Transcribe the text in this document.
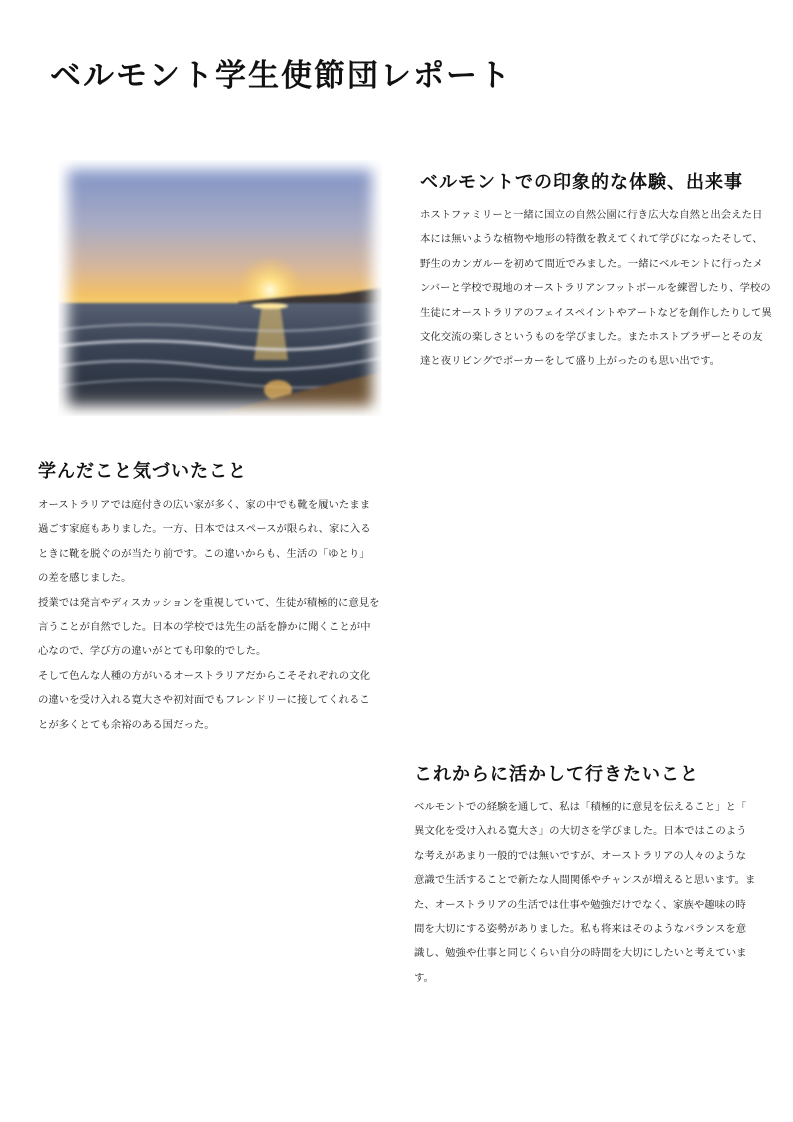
ベルモント学生使節団レポート
ベルモントでの印象的な体験、出来事

ホストファミリーと一緒に国立の自然公園に行き広大な自然と出会えた日本には無いような植物や地形の特徴を教えてくれて学びになったそして、野生のカンガルーを初めて間近でみました。一緒にベルモントに行ったメンバーと学校で現地のオーストラリアンフットボールを練習したり、学校の生徒にオーストラリアのフェイスペイントやアートなどを創作したりして異文化交流の楽しさというものを学びました。またホストブラザーとその友達と夜リビングでポーカーをして盛り上がったのも思い出です。

学んだこと気づいたこと

オーストラリアでは庭付きの広い家が多く、家の中でも靴を履いたまま過ごす家庭もありました。一方、日本ではスペースが限られ、家に入るときに靴を脱ぐのが当たり前です。この違いからも、生活の「ゆとり」の差を感じました。

授業では発言やディスカッションを重視していて、生徒が積極的に意見を言うことが自然でした。日本の学校では先生の話を静かに聞くことが中心なので、学び方の違いがとても印象的でした。

そして色んな人種の方がいるオーストラリアだからこそそれぞれの文化の違いを受け入れる寛大さや初対面でもフレンドリーに接してくれることが多くとても余裕のある国だった。

これからに活かして行きたいこと

ベルモントでの経験を通して、私は「積極的に意見を伝えること」と「異文化を受け入れる寛大さ」の大切さを学びました。日本ではこのような考えがあまり一般的では無いですが、オーストラリアの人々のような意識で生活することで新たな人間関係やチャンスが増えると思います。また、オーストラリアの生活では仕事や勉強だけでなく、家族や趣味の時間を大切にする姿勢がありました。私も将来はそのようなバランスを意識し、勉強や仕事と同じくらい自分の時間を大切にしたいと考えています。
